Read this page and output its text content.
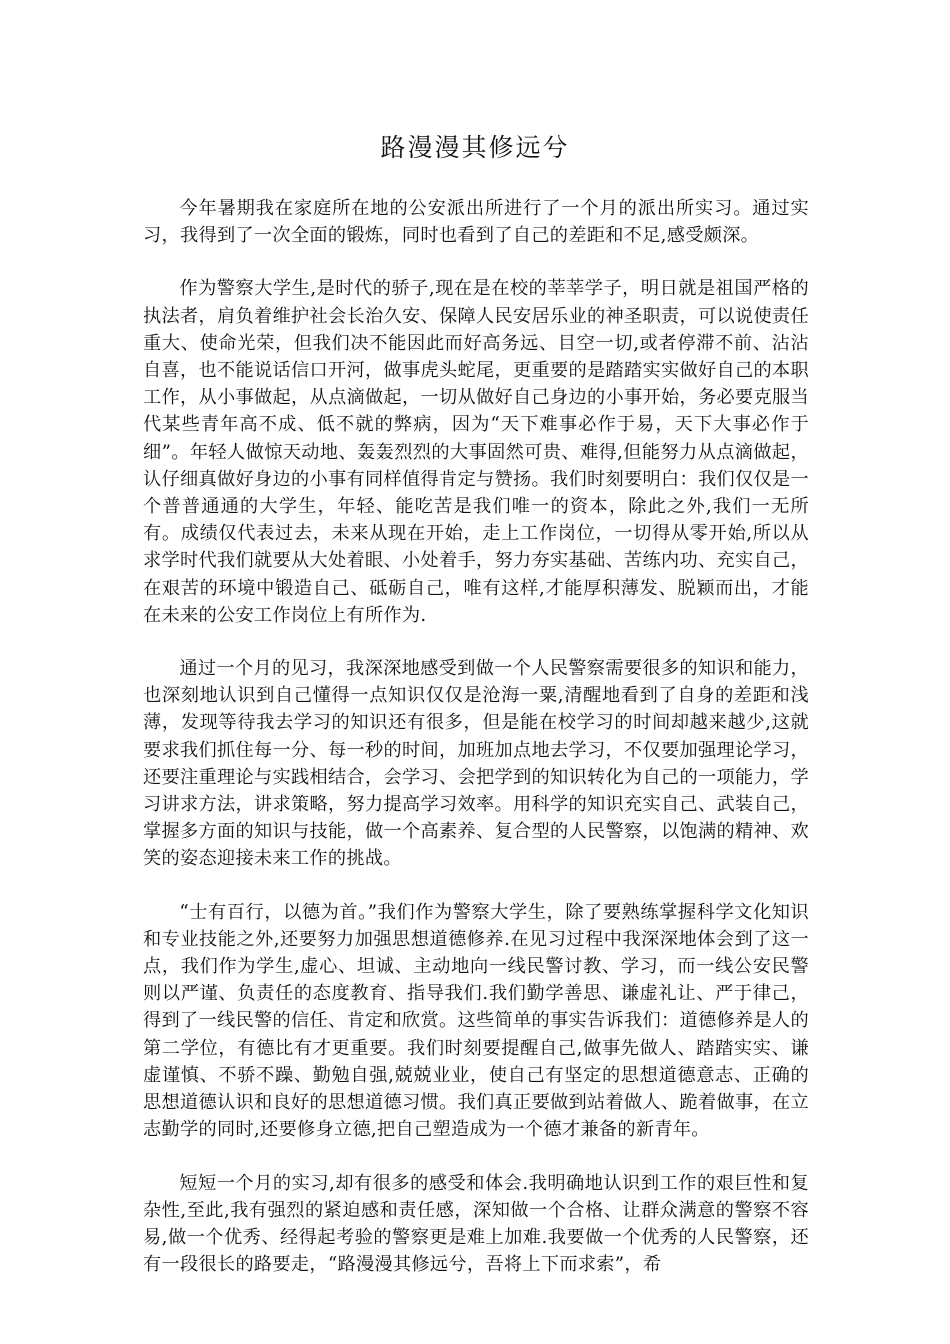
路漫漫其修远兮

今年暑期我在家庭所在地的公安派出所进行了一个月的派出所实习。通过实习，我得到了一次全面的锻炼，同时也看到了自己的差距和不足,感受颇深。

作为警察大学生,是时代的骄子,现在是在校的莘莘学子，明日就是祖国严格的执法者，肩负着维护社会长治久安、保障人民安居乐业的神圣职责，可以说使责任重大、使命光荣，但我们决不能因此而好高务远、目空一切,或者停滞不前、沾沾自喜，也不能说话信口开河，做事虎头蛇尾，更重要的是踏踏实实做好自己的本职工作，从小事做起，从点滴做起，一切从做好自己身边的小事开始，务必要克服当代某些青年高不成、低不就的弊病，因为“天下难事必作于易，天下大事必作于细”。年轻人做惊天动地、轰轰烈烈的大事固然可贵、难得,但能努力从点滴做起，认仔细真做好身边的小事有同样值得肯定与赞扬。我们时刻要明白：我们仅仅是一个普普通通的大学生，年轻、能吃苦是我们唯一的资本，除此之外,我们一无所有。成绩仅代表过去，未来从现在开始，走上工作岗位，一切得从零开始,所以从求学时代我们就要从大处着眼、小处着手，努力夯实基础、苦练内功、充实自己，在艰苦的环境中锻造自己、砥砺自己，唯有这样,才能厚积薄发、脱颖而出，才能在未来的公安工作岗位上有所作为.

通过一个月的见习，我深深地感受到做一个人民警察需要很多的知识和能力，也深刻地认识到自己懂得一点知识仅仅是沧海一粟,清醒地看到了自身的差距和浅薄，发现等待我去学习的知识还有很多，但是能在校学习的时间却越来越少,这就要求我们抓住每一分、每一秒的时间，加班加点地去学习，不仅要加强理论学习，还要注重理论与实践相结合，会学习、会把学到的知识转化为自己的一项能力，学习讲求方法，讲求策略，努力提高学习效率。用科学的知识充实自己、武装自己，掌握多方面的知识与技能，做一个高素养、复合型的人民警察，以饱满的精神、欢笑的姿态迎接未来工作的挑战。

“士有百行，以德为首。”我们作为警察大学生，除了要熟练掌握科学文化知识和专业技能之外,还要努力加强思想道德修养.在见习过程中我深深地体会到了这一点，我们作为学生,虚心、坦诚、主动地向一线民警讨教、学习，而一线公安民警则以严谨、负责任的态度教育、指导我们.我们勤学善思、谦虚礼让、严于律己，得到了一线民警的信任、肯定和欣赏。这些简单的事实告诉我们：道德修养是人的第二学位，有德比有才更重要。我们时刻要提醒自己,做事先做人、踏踏实实、谦虚谨慎、不骄不躁、勤勉自强,兢兢业业，使自己有坚定的思想道德意志、正确的思想道德认识和良好的思想道德习惯。我们真正要做到站着做人、跪着做事，在立志勤学的同时,还要修身立德,把自己塑造成为一个德才兼备的新青年。

短短一个月的实习,却有很多的感受和体会.我明确地认识到工作的艰巨性和复杂性,至此,我有强烈的紧迫感和责任感，深知做一个合格、让群众满意的警察不容易,做一个优秀、经得起考验的警察更是难上加难.我要做一个优秀的人民警察，还有一段很长的路要走，“路漫漫其修远兮，吾将上下而求索”，希
